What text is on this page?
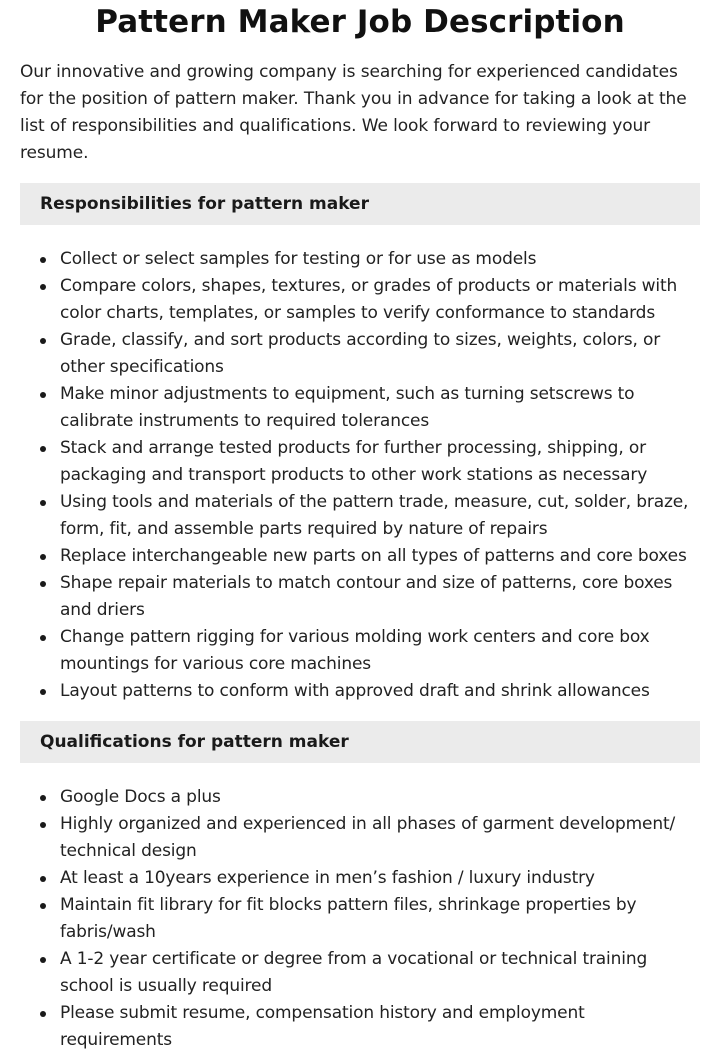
Pattern Maker Job Description

Our innovative and growing company is searching for experienced candidates for the position of pattern maker. Thank you in advance for taking a look at the list of responsibilities and qualifications. We look forward to reviewing your resume.

Responsibilities for pattern maker
Collect or select samples for testing or for use as models
Compare colors, shapes, textures, or grades of products or materials with color charts, templates, or samples to verify conformance to standards
Grade, classify, and sort products according to sizes, weights, colors, or other specifications
Make minor adjustments to equipment, such as turning setscrews to calibrate instruments to required tolerances
Stack and arrange tested products for further processing, shipping, or packaging and transport products to other work stations as necessary
Using tools and materials of the pattern trade, measure, cut, solder, braze, form, fit, and assemble parts required by nature of repairs
Replace interchangeable new parts on all types of patterns and core boxes
Shape repair materials to match contour and size of patterns, core boxes and driers
Change pattern rigging for various molding work centers and core box mountings for various core machines
Layout patterns to conform with approved draft and shrink allowances
Qualifications for pattern maker
Google Docs a plus
Highly organized and experienced in all phases of garment development/ technical design
At least a 10years experience in men’s fashion / luxury industry
Maintain fit library for fit blocks pattern files, shrinkage properties by fabris/wash
A 1-2 year certificate or degree from a vocational or technical training school is usually required
Please submit resume, compensation history and employment requirements
